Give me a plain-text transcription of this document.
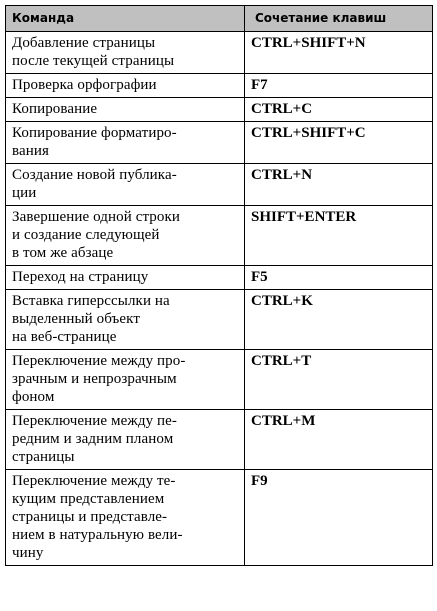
Команда	Сочетание клавиш
Добавление страницы
после текущей страницы	CTRL+SHIFT+N
Проверка орфографии	F7
Копирование	CTRL+C
Копирование форматиро-
вания	CTRL+SHIFT+C
Создание новой публика-
ции	CTRL+N
Завершение одной строки
и создание следующей
в том же абзаце	SHIFT+ENTER
Переход на страницу	F5
Вставка гиперссылки на
выделенный объект
на веб-странице	CTRL+K
Переключение между про-
зрачным и непрозрачным
фоном	CTRL+T
Переключение между пе-
редним и задним планом
страницы	CTRL+M
Переключение между те-
кущим представлением
страницы и представле-
нием в натуральную вели-
чину	F9
